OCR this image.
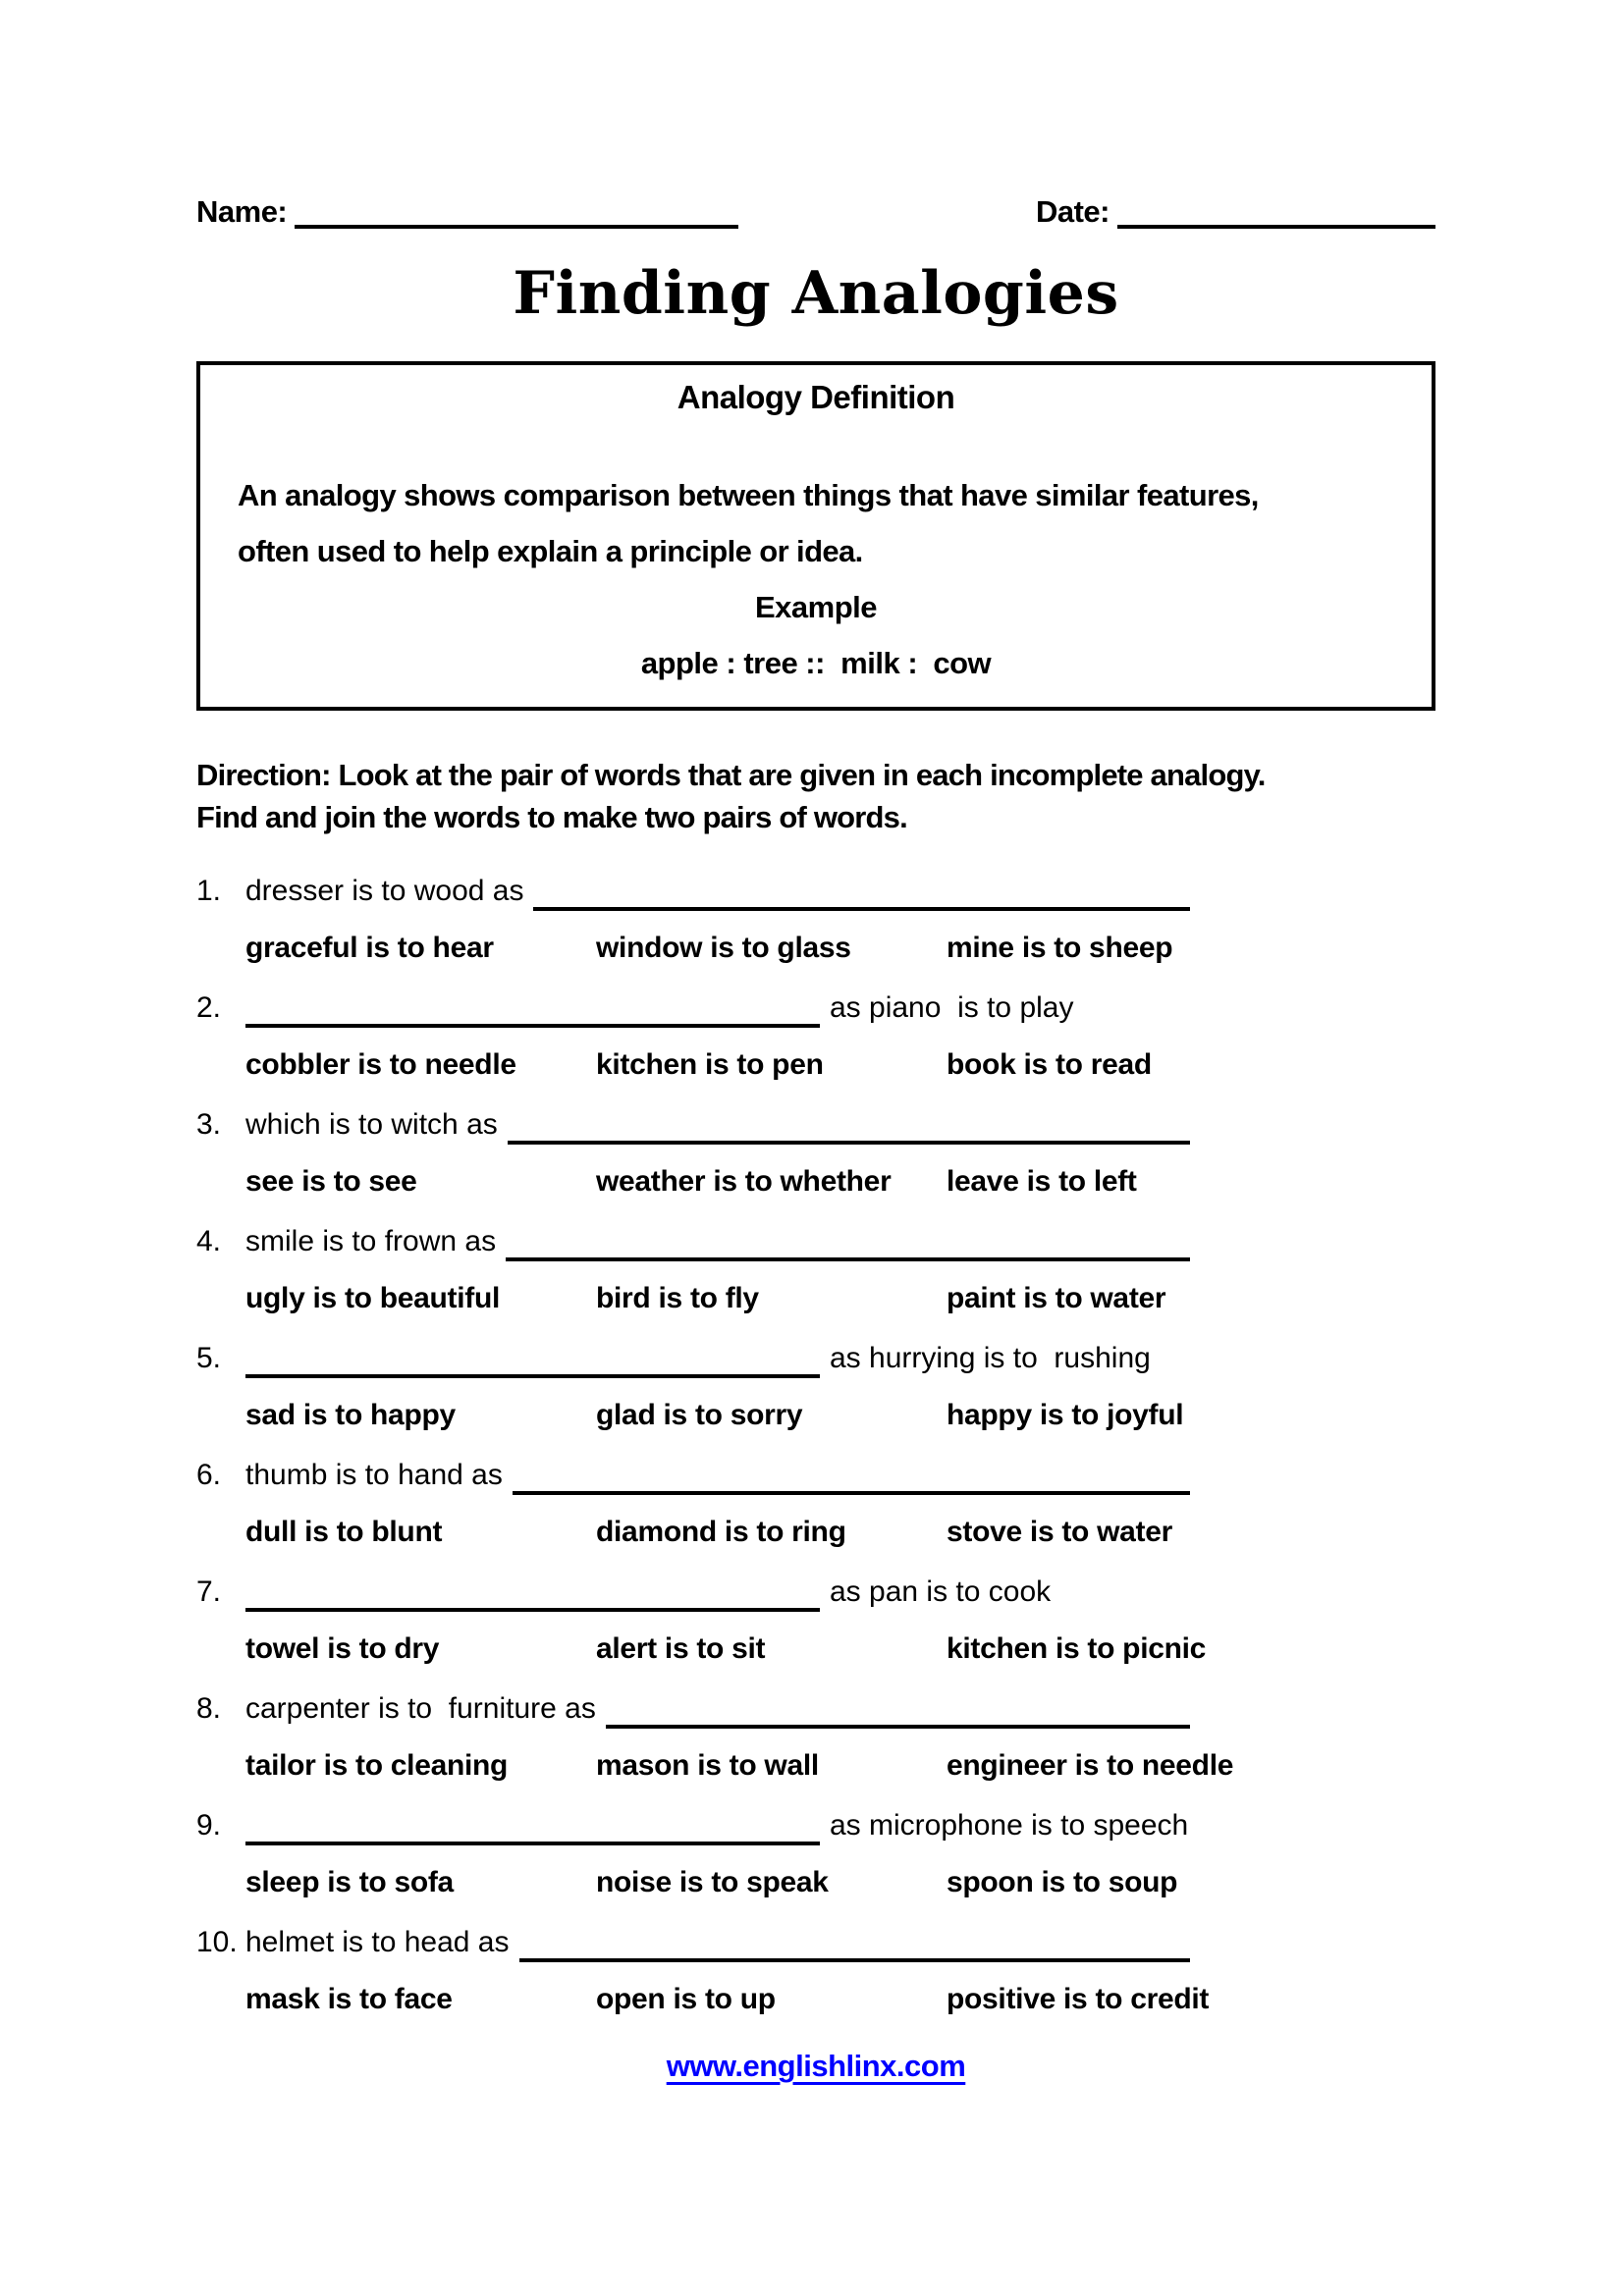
Name:	Date:
Finding Analogies
Analogy Definition
An analogy shows comparison between things that have similar features,
often used to help explain a principle or idea.
Example
apple : tree ::  milk :  cow
Direction: Look at the pair of words that are given in each incomplete analogy.
Find and join the words to make two pairs of words.
1. dresser is to wood as
graceful is to hear	window is to glass	mine is to sheep
2.	as piano  is to play
cobbler is to needle	kitchen is to pen	book is to read
3. which is to witch as
see is to see	weather is to whether	leave is to left
4. smile is to frown as
ugly is to beautiful	bird is to fly	paint is to water
5.	as hurrying is to  rushing
sad is to happy	glad is to sorry	happy is to joyful
6. thumb is to hand as
dull is to blunt	diamond is to ring	stove is to water
7.	as pan is to cook
towel is to dry	alert is to sit	kitchen is to picnic
8. carpenter is to  furniture as
tailor is to cleaning	mason is to wall	engineer is to needle
9.	as microphone is to speech
sleep is to sofa	noise is to speak	spoon is to soup
10. helmet is to head as
mask is to face	open is to up	positive is to credit
www.englishlinx.com
